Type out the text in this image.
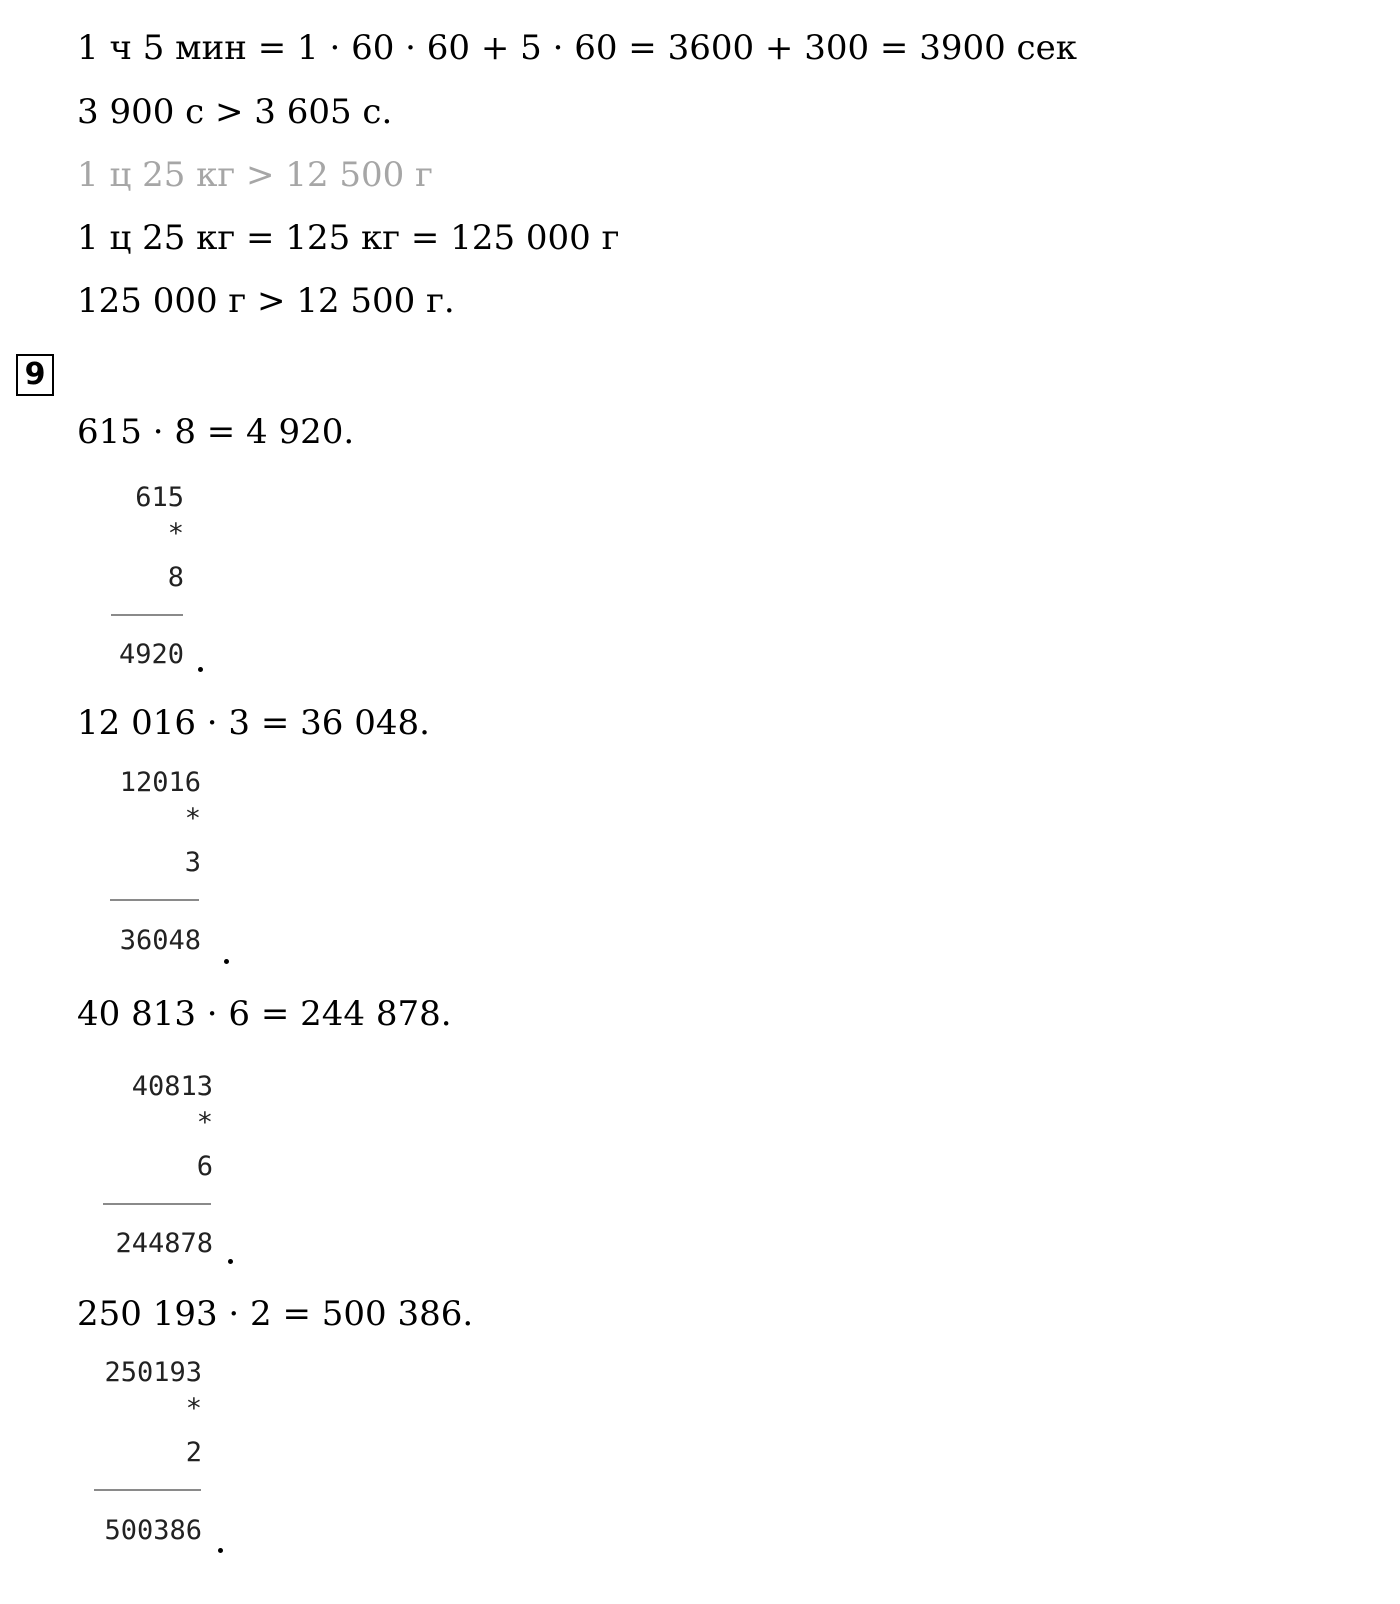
1 ч 5 мин = 1 · 60 · 60 + 5 · 60 = 3600 + 300 = 3900 сек
3 900 с > 3 605 с.
1 ц 25 кг > 12 500 г
1 ц 25 кг = 125 кг = 125 000 г
125 000 г > 12 500 г.
9
615 · 8 = 4 920.
615
*
8
4920
12 016 · 3 = 36 048.
12016
*
3
36048
40 813 · 6 = 244 878.
40813
*
6
244878
250 193 · 2 = 500 386.
250193
*
2
500386
